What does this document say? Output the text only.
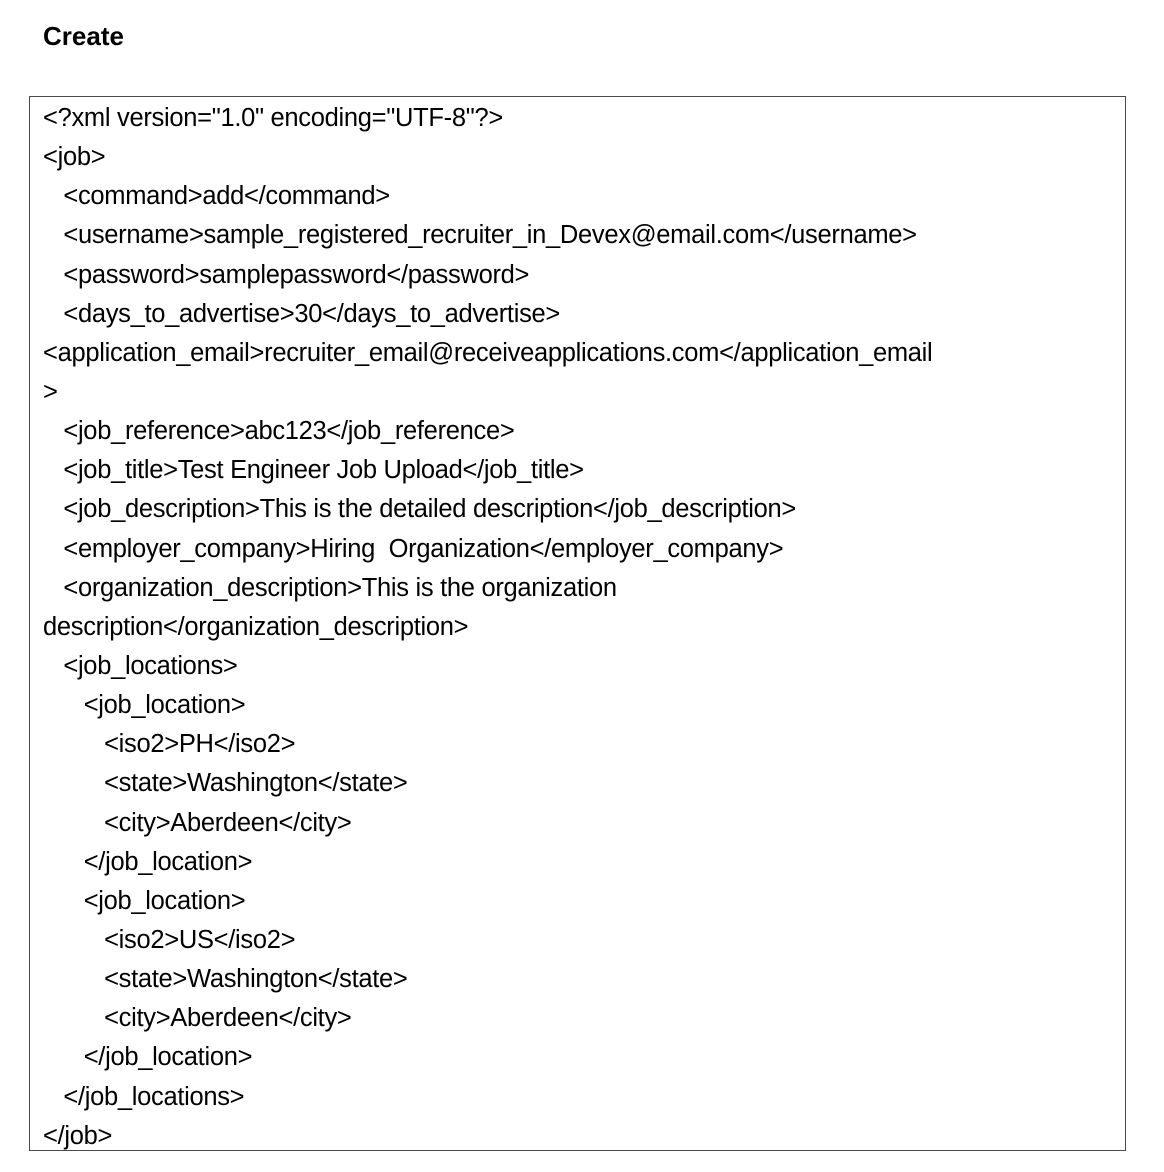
Create
<?xml version="1.0" encoding="UTF-8"?>
<job>
<command>add</command>
<username>sample_registered_recruiter_in_Devex@email.com</username>
<password>samplepassword</password>
<days_to_advertise>30</days_to_advertise>
<application_email>recruiter_email@receiveapplications.com</application_email
>
<job_reference>abc123</job_reference>
<job_title>Test Engineer Job Upload</job_title>
<job_description>This is the detailed description</job_description>
<employer_company>Hiring  Organization</employer_company>
<organization_description>This is the organization
description</organization_description>
<job_locations>
<job_location>
<iso2>PH</iso2>
<state>Washington</state>
<city>Aberdeen</city>
</job_location>
<job_location>
<iso2>US</iso2>
<state>Washington</state>
<city>Aberdeen</city>
</job_location>
</job_locations>
</job>
